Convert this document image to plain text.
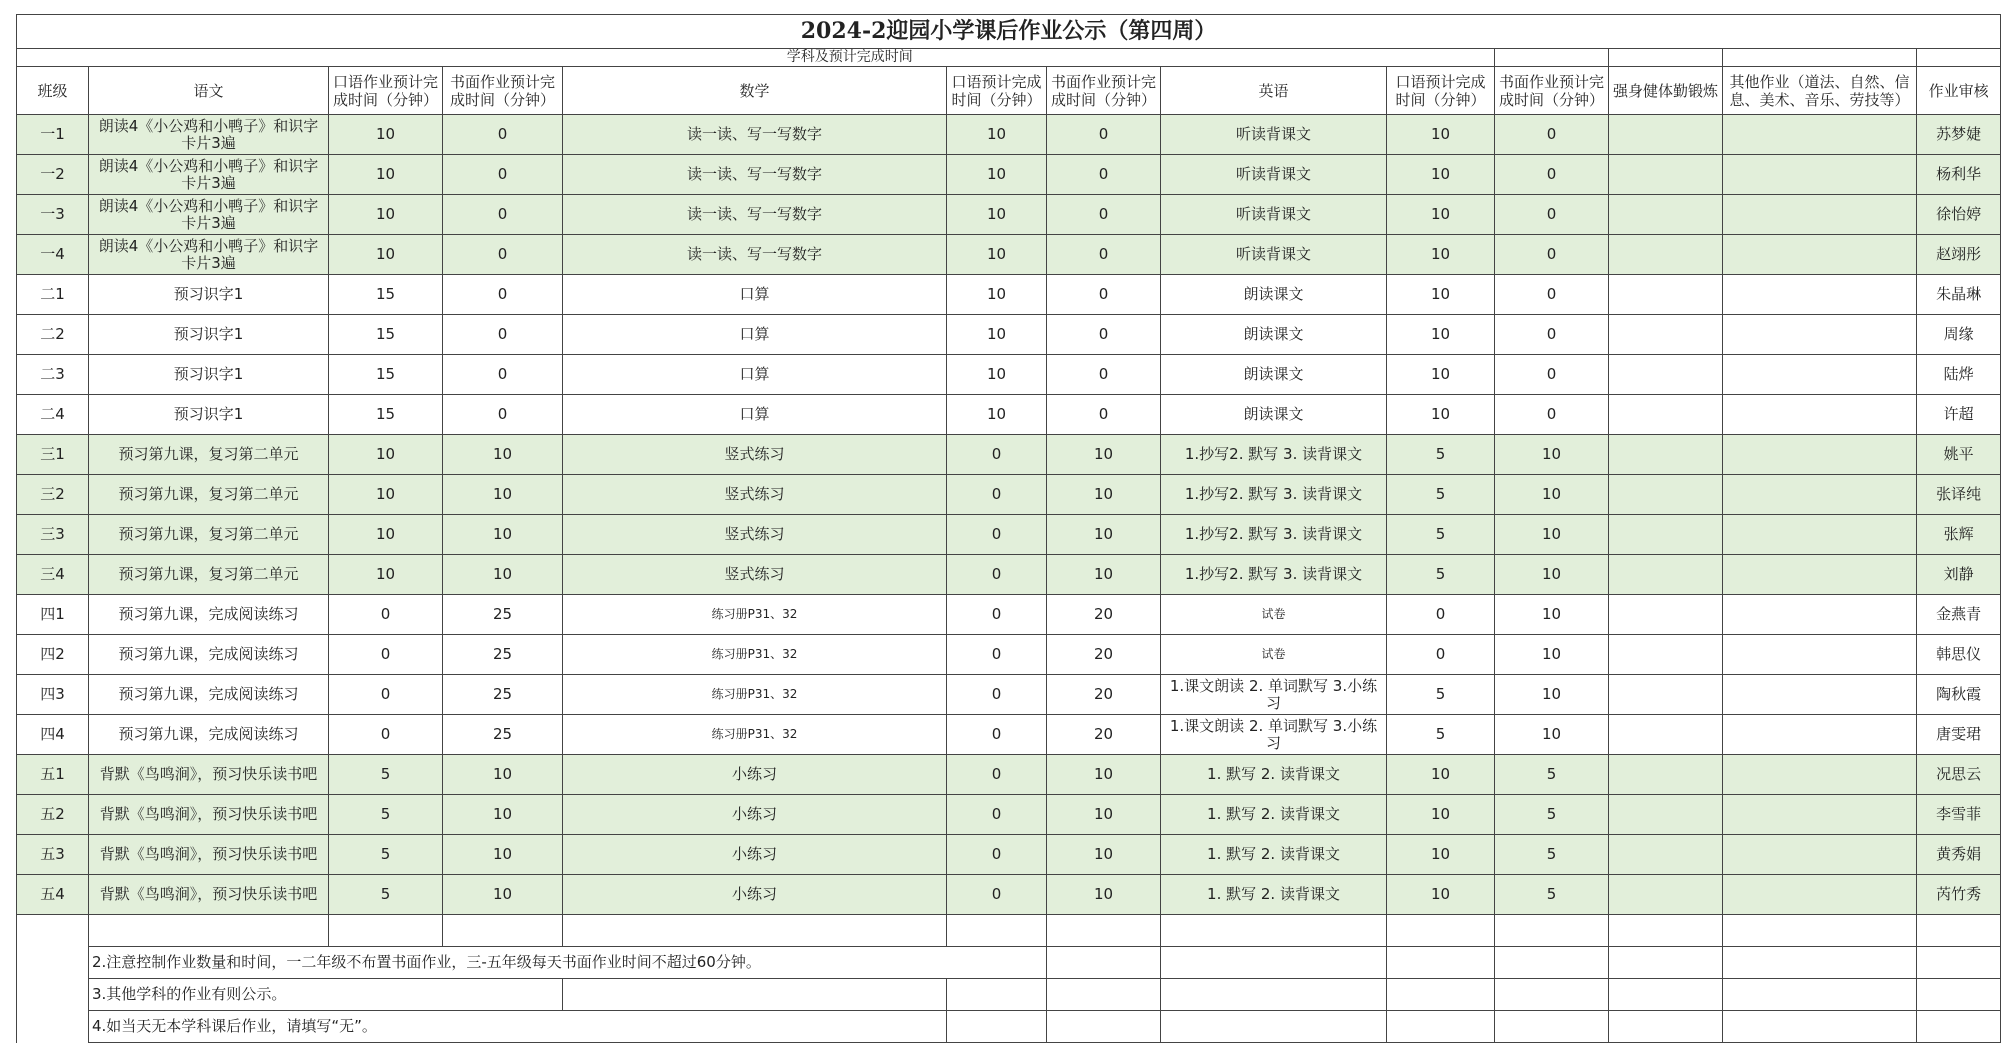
2024-2迎园小学课后作业公示（第四周）												
	学科及预计完成时间											
班级	语文	口语作业预计完成时间（分钟）	书面作业预计完成时间（分钟）	数学	口语预计完成时间（分钟）	书面作业预计完成时间（分钟）	英语	口语预计完成时间（分钟）	书面作业预计完成时间（分钟）	强身健体勤锻炼	其他作业（道法、自然、信息、美术、音乐、劳技等）	作业审核
一1	朗读4《小公鸡和小鸭子》和识字卡片3遍	10	0	读一读、写一写数字	10	0	听读背课文	10	0			苏梦婕
一2	朗读4《小公鸡和小鸭子》和识字卡片3遍	10	0	读一读、写一写数字	10	0	听读背课文	10	0			杨利华
一3	朗读4《小公鸡和小鸭子》和识字卡片3遍	10	0	读一读、写一写数字	10	0	听读背课文	10	0			徐怡婷
一4	朗读4《小公鸡和小鸭子》和识字卡片3遍	10	0	读一读、写一写数字	10	0	听读背课文	10	0			赵翊彤
二1	预习识字1	15	0	口算	10	0	朗读课文	10	0			朱晶琳
二2	预习识字1	15	0	口算	10	0	朗读课文	10	0			周缘
二3	预习识字1	15	0	口算	10	0	朗读课文	10	0			陆烨
二4	预习识字1	15	0	口算	10	0	朗读课文	10	0			许超
三1	预习第九课，复习第二单元	10	10	竖式练习	0	10	1.抄写2. 默写 3. 读背课文	5	10			姚平
三2	预习第九课，复习第二单元	10	10	竖式练习	0	10	1.抄写2. 默写 3. 读背课文	5	10			张译纯
三3	预习第九课，复习第二单元	10	10	竖式练习	0	10	1.抄写2. 默写 3. 读背课文	5	10			张辉
三4	预习第九课，复习第二单元	10	10	竖式练习	0	10	1.抄写2. 默写 3. 读背课文	5	10			刘静
四1	预习第九课，完成阅读练习	0	25	练习册P31、32	0	20	试卷	0	10			金燕青
四2	预习第九课，完成阅读练习	0	25	练习册P31、32	0	20	试卷	0	10			韩思仪
四3	预习第九课，完成阅读练习	0	25	练习册P31、32	0	20	1.课文朗读 2. 单词默写 3.小练习	5	10			陶秋霞
四4	预习第九课，完成阅读练习	0	25	练习册P31、32	0	20	1.课文朗读 2. 单词默写 3.小练习	5	10			唐雯珺
五1	背默《鸟鸣涧》，预习快乐读书吧	5	10	小练习	0	10	1. 默写 2. 读背课文	10	5			况思云
五2	背默《鸟鸣涧》，预习快乐读书吧	5	10	小练习	0	10	1. 默写 2. 读背课文	10	5			李雪菲
五3	背默《鸟鸣涧》，预习快乐读书吧	5	10	小练习	0	10	1. 默写 2. 读背课文	10	5			黄秀娟
五4	背默《鸟鸣涧》，预习快乐读书吧	5	10	小练习	0	10	1. 默写 2. 读背课文	10	5			芮竹秀

	2.注意控制作业数量和时间，一二年级不布置书面作业，三-五年级每天书面作业时间不超过60分钟。											
	3.其他学科的作业有则公示。											
	4.如当天无本学科课后作业，请填写“无”。											
